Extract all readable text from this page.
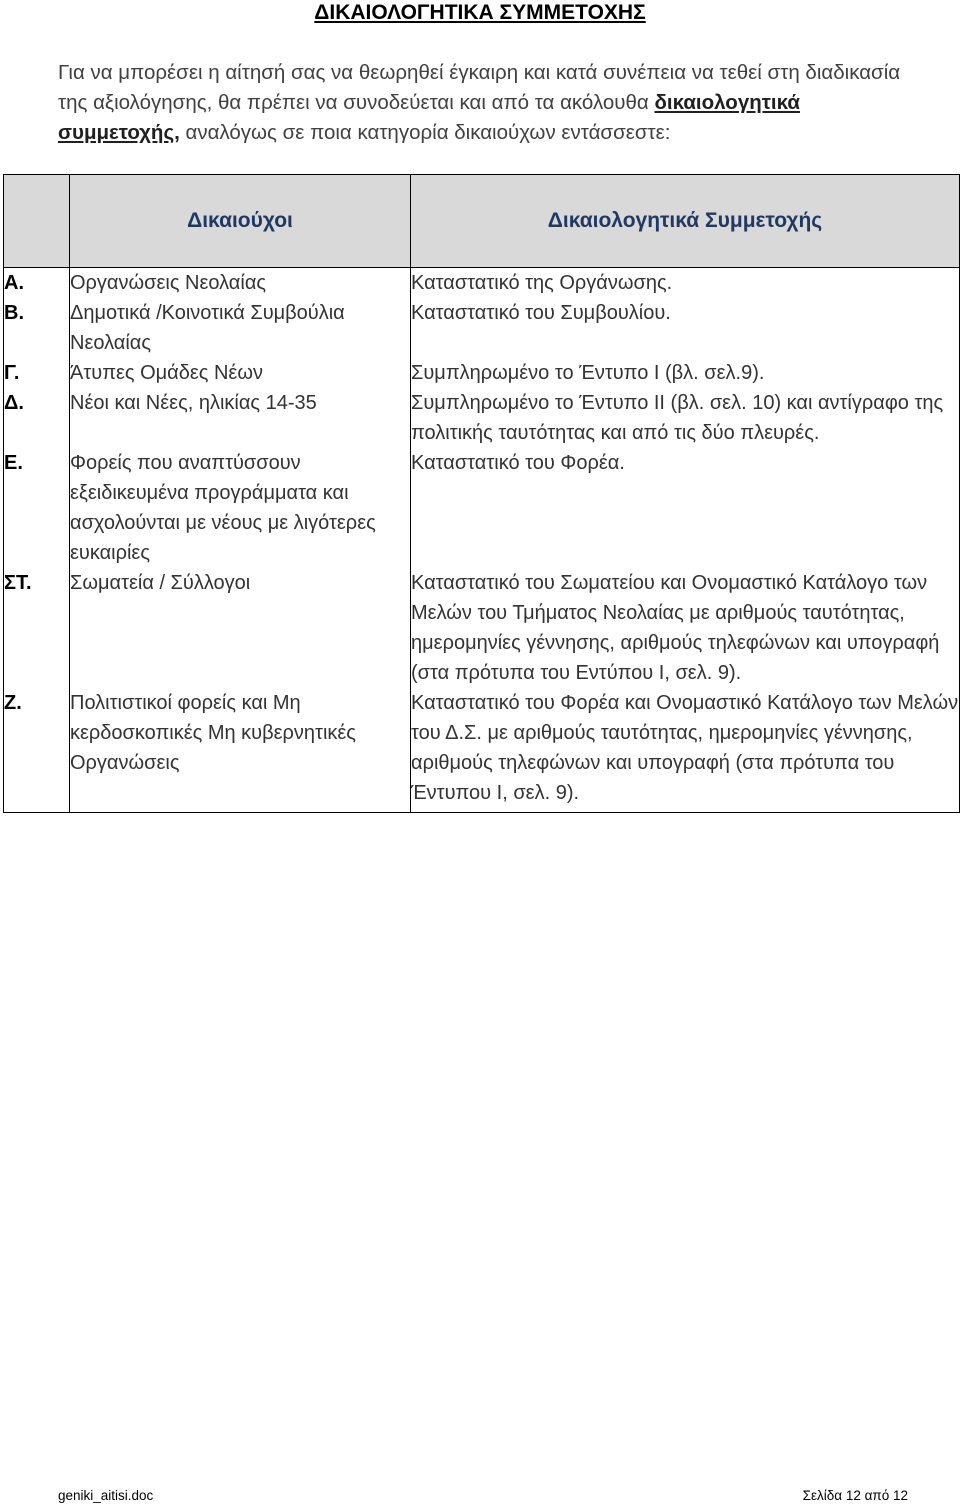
ΔΙΚΑΙΟΛΟΓΗΤΙΚΑ ΣΥΜΜΕΤΟΧΗΣ
Για να μπορέσει η αίτησή σας να θεωρηθεί έγκαιρη και κατά συνέπεια να τεθεί στη διαδικασία της αξιολόγησης, θα πρέπει να συνοδεύεται και από τα ακόλουθα δικαιολογητικά συμμετοχής, αναλόγως σε ποια κατηγορία δικαιούχων εντάσσεστε:
	Δικαιούχοι	Δικαιολογητικά Συμμετοχής
Α.	Οργανώσεις Νεολαίας	Καταστατικό της Οργάνωσης.
Β.	Δημοτικά /Κοινοτικά Συμβούλια Νεολαίας	Καταστατικό του Συμβουλίου.
Γ.	Άτυπες Ομάδες Νέων	Συμπληρωμένο το Έντυπο Ι (βλ. σελ.9).
Δ.	Νέοι και Νέες, ηλικίας 14-35	Συμπληρωμένο το Έντυπο ΙΙ (βλ. σελ. 10) και αντίγραφο της πολιτικής ταυτότητας και από τις δύο πλευρές.
Ε.	Φορείς που αναπτύσσουν εξειδικευμένα προγράμματα και ασχολούνται με νέους με λιγότερες ευκαιρίες	Καταστατικό του Φορέα.
ΣΤ.	Σωματεία / Σύλλογοι	Καταστατικό του Σωματείου και Ονομαστικό Κατάλογο των Μελών του Τμήματος Νεολαίας με αριθμούς ταυτότητας, ημερομηνίες γέννησης, αριθμούς τηλεφώνων και υπογραφή (στα πρότυπα του Εντύπου Ι, σελ. 9).
Ζ.	Πολιτιστικοί φορείς και Μη κερδοσκοπικές Μη κυβερνητικές Οργανώσεις	Καταστατικό του Φορέα και Ονομαστικό Κατάλογο των Μελών του Δ.Σ. με αριθμούς ταυτότητας, ημερομηνίες γέννησης, αριθμούς τηλεφώνων και υπογραφή (στα πρότυπα του Έντυπου Ι, σελ. 9).
geniki_aitisi.doc	Σελίδα 12 από 12
